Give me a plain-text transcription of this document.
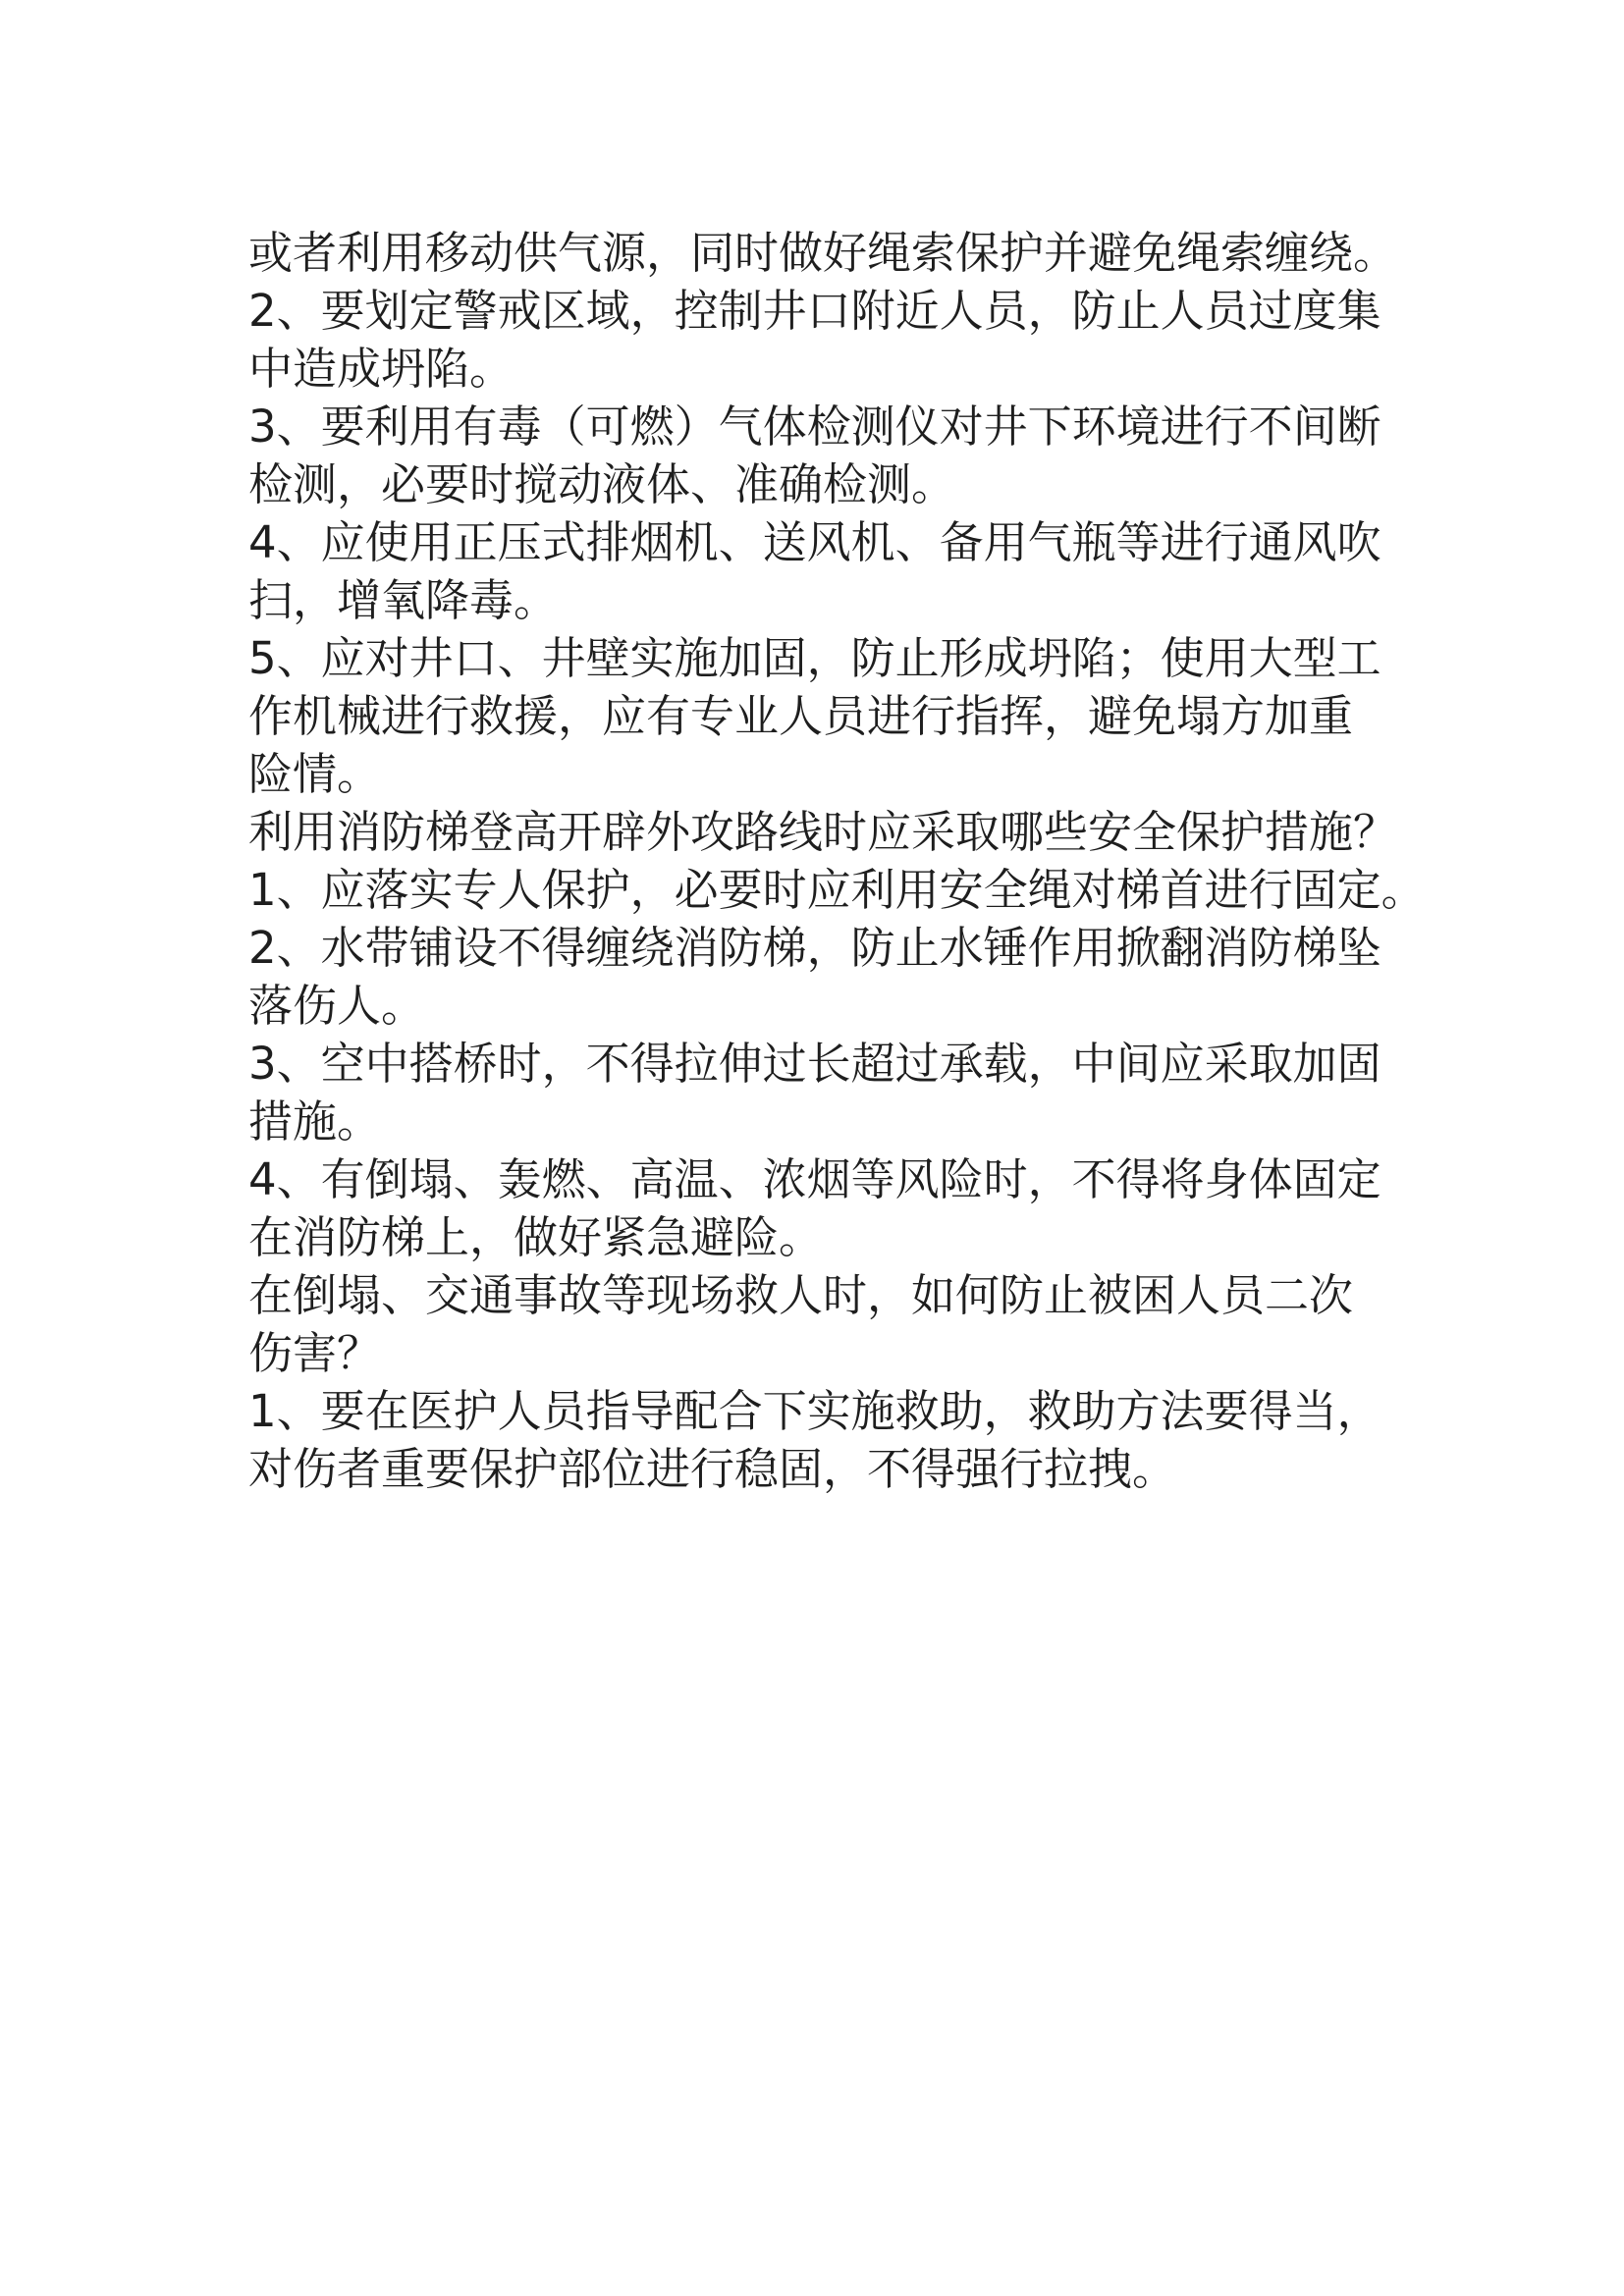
或者利用移动供气源，同时做好绳索保护并避免绳索缠绕。
2、要划定警戒区域，控制井口附近人员，防止人员过度集
中造成坍陷。
3、要利用有毒（可燃）气体检测仪对井下环境进行不间断
检测，必要时搅动液体、准确检测。
4、应使用正压式排烟机、送风机、备用气瓶等进行通风吹
扫，增氧降毒。
5、应对井口、井壁实施加固，防止形成坍陷；使用大型工
作机械进行救援，应有专业人员进行指挥，避免塌方加重
险情。
利用消防梯登高开辟外攻路线时应采取哪些安全保护措施？
1、应落实专人保护，必要时应利用安全绳对梯首进行固定。
2、水带铺设不得缠绕消防梯，防止水锤作用掀翻消防梯坠
落伤人。
3、空中搭桥时，不得拉伸过长超过承载，中间应采取加固
措施。
4、有倒塌、轰燃、高温、浓烟等风险时，不得将身体固定
在消防梯上，做好紧急避险。
在倒塌、交通事故等现场救人时，如何防止被困人员二次
伤害？
1、要在医护人员指导配合下实施救助，救助方法要得当，
对伤者重要保护部位进行稳固，不得强行拉拽。
